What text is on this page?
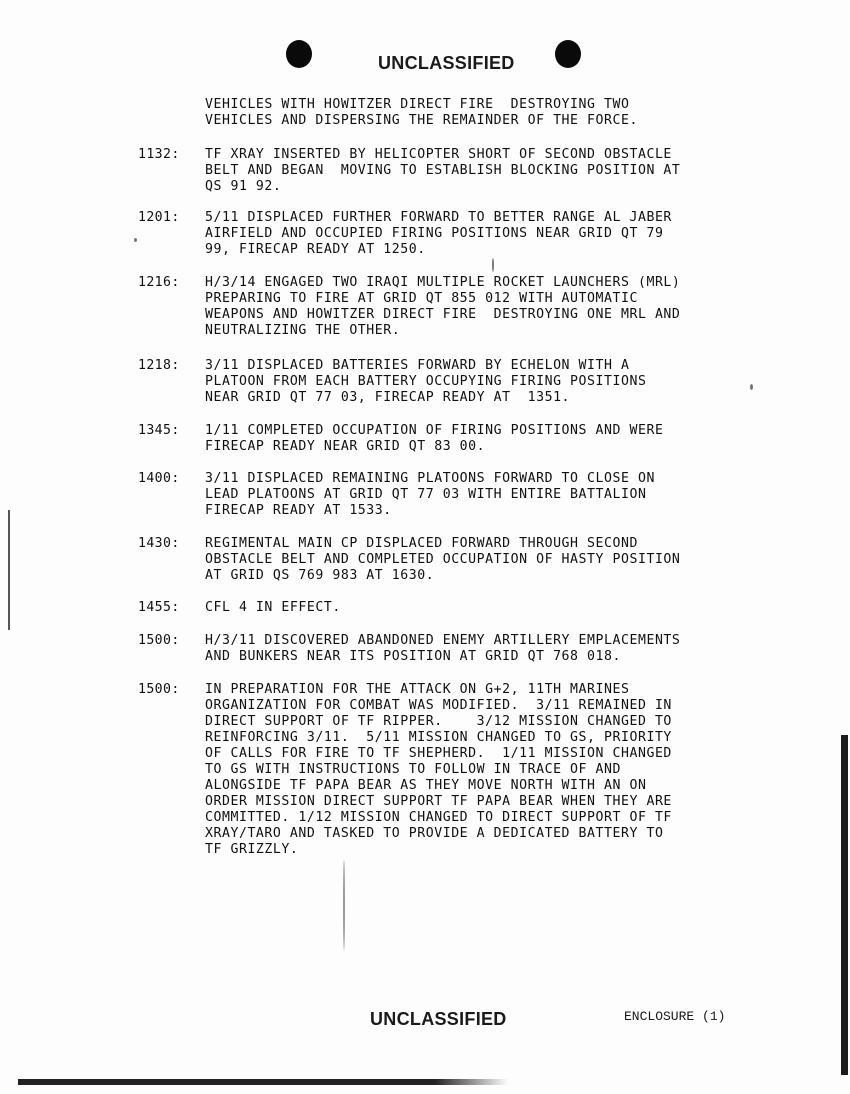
UNCLASSIFIED
VEHICLES WITH HOWITZER DIRECT FIRE  DESTROYING TWO
VEHICLES AND DISPERSING THE REMAINDER OF THE FORCE.
1132: TF XRAY INSERTED BY HELICOPTER SHORT OF SECOND OBSTACLE
BELT AND BEGAN  MOVING TO ESTABLISH BLOCKING POSITION AT
QS 91 92.
1201: 5/11 DISPLACED FURTHER FORWARD TO BETTER RANGE AL JABER
AIRFIELD AND OCCUPIED FIRING POSITIONS NEAR GRID QT 79
99, FIRECAP READY AT 1250.
1216: H/3/14 ENGAGED TWO IRAQI MULTIPLE ROCKET LAUNCHERS (MRL)
PREPARING TO FIRE AT GRID QT 855 012 WITH AUTOMATIC
WEAPONS AND HOWITZER DIRECT FIRE  DESTROYING ONE MRL AND
NEUTRALIZING THE OTHER.
1218: 3/11 DISPLACED BATTERIES FORWARD BY ECHELON WITH A
PLATOON FROM EACH BATTERY OCCUPYING FIRING POSITIONS
NEAR GRID QT 77 03, FIRECAP READY AT  1351.
1345: 1/11 COMPLETED OCCUPATION OF FIRING POSITIONS AND WERE
FIRECAP READY NEAR GRID QT 83 00.
1400: 3/11 DISPLACED REMAINING PLATOONS FORWARD TO CLOSE ON
LEAD PLATOONS AT GRID QT 77 03 WITH ENTIRE BATTALION
FIRECAP READY AT 1533.
1430: REGIMENTAL MAIN CP DISPLACED FORWARD THROUGH SECOND
OBSTACLE BELT AND COMPLETED OCCUPATION OF HASTY POSITION
AT GRID QS 769 983 AT 1630.
1455: CFL 4 IN EFFECT.
1500: H/3/11 DISCOVERED ABANDONED ENEMY ARTILLERY EMPLACEMENTS
AND BUNKERS NEAR ITS POSITION AT GRID QT 768 018.
1500: IN PREPARATION FOR THE ATTACK ON G+2, 11TH MARINES
ORGANIZATION FOR COMBAT WAS MODIFIED.  3/11 REMAINED IN
DIRECT SUPPORT OF TF RIPPER.    3/12 MISSION CHANGED TO
REINFORCING 3/11.  5/11 MISSION CHANGED TO GS, PRIORITY
OF CALLS FOR FIRE TO TF SHEPHERD.  1/11 MISSION CHANGED
TO GS WITH INSTRUCTIONS TO FOLLOW IN TRACE OF AND
ALONGSIDE TF PAPA BEAR AS THEY MOVE NORTH WITH AN ON
ORDER MISSION DIRECT SUPPORT TF PAPA BEAR WHEN THEY ARE
COMMITTED. 1/12 MISSION CHANGED TO DIRECT SUPPORT OF TF
XRAY/TARO AND TASKED TO PROVIDE A DEDICATED BATTERY TO
TF GRIZZLY.
UNCLASSIFIED	ENCLOSURE (1)
